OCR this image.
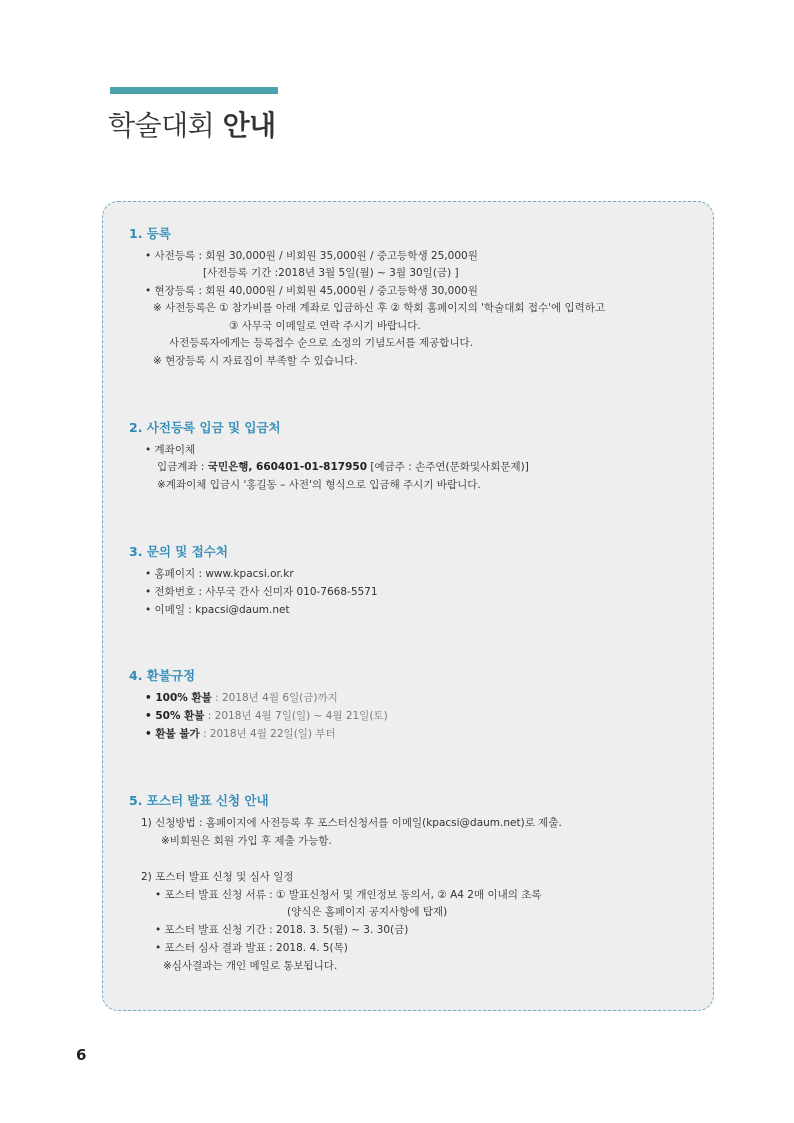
학술대회 안내
1. 등록
• 사전등록 : 회원 30,000원 / 비회원 35,000원 / 중고등학생 25,000원
[사전등록 기간 :2018년 3월 5일(월) ~ 3월 30일(금) ]
• 현장등록 : 회원 40,000원 / 비회원 45,000원 / 중고등학생 30,000원
※ 사전등록은 ① 참가비를 아래 계좌로 입금하신 후 ② 학회 홈페이지의 '학술대회 접수'에 입력하고
③ 사무국 이메일로 연락 주시기 바랍니다.
사전등록자에게는 등록접수 순으로 소정의 기념도서를 제공합니다.
※ 현장등록 시 자료집이 부족할 수 있습니다.
2. 사전등록 입금 및 입금처
• 계좌이체
입금계좌 : 국민은행, 660401-01-817950 [예금주 : 손주연(문화및사회문제)]
※계좌이체 입금시 '홍길동 – 사전'의 형식으로 입금해 주시기 바랍니다.
3. 문의 및 접수처
• 홈페이지 : www.kpacsi.or.kr
• 전화번호 : 사무국 간사 신미자 010-7668-5571
• 이메일 : kpacsi@daum.net
4. 환불규정
• 100% 환불 : 2018년 4월 6일(금)까지
• 50% 환불 : 2018년 4월 7일(일) ~ 4월 21일(토)
• 환불 불가 : 2018년 4월 22일(일) 부터
5. 포스터 발표 신청 안내
1) 신청방법 : 홈페이지에 사전등록 후 포스터신청서를 이메일(kpacsi@daum.net)로 제출.
※비회원은 회원 가입 후 제출 가능함.
2) 포스터 발표 신청 및 심사 일정
• 포스터 발표 신청 서류 : ① 발표신청서 및 개인정보 동의서, ② A4 2매 이내의 초록
(양식은 홈페이지 공지사항에 탑재)
• 포스터 발표 신청 기간 : 2018. 3. 5(월) ~ 3. 30(금)
• 포스터 심사 결과 발표 : 2018. 4. 5(목)
※심사결과는 개인 메일로 통보됩니다.
6
